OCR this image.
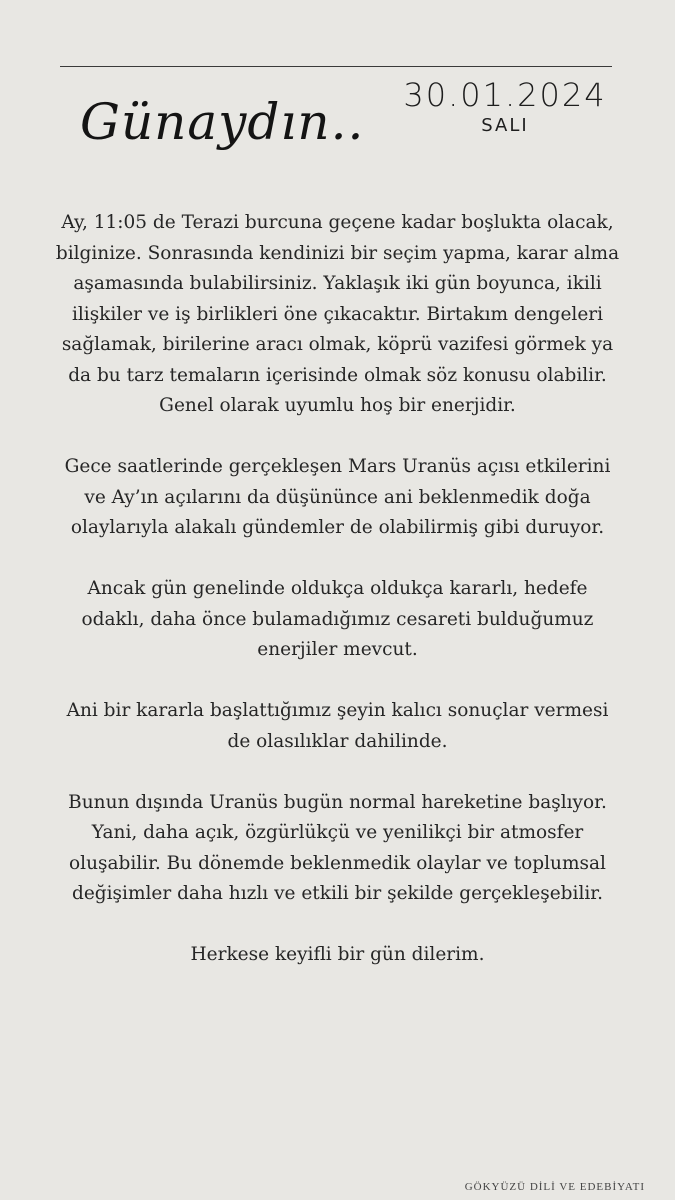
Günaydın.. 30.01.2024
SALI

Ay, 11:05 de Terazi burcuna geçene kadar boşlukta olacak, bilginize. Sonrasında kendinizi bir seçim yapma, karar alma aşamasında bulabilirsiniz. Yaklaşık iki gün boyunca, ikili ilişkiler ve iş birlikleri öne çıkacaktır. Birtakım dengeleri sağlamak, birilerine aracı olmak, köprü vazifesi görmek ya da bu tarz temaların içerisinde olmak söz konusu olabilir. Genel olarak uyumlu hoş bir enerjidir.

Gece saatlerinde gerçekleşen Mars Uranüs açısı etkilerini ve Ay’ın açılarını da düşününce ani beklenmedik doğa olaylarıyla alakalı gündemler de olabilirmiş gibi duruyor.

Ancak gün genelinde oldukça oldukça kararlı, hedefe odaklı, daha önce bulamadığımız cesareti bulduğumuz enerjiler mevcut.

Ani bir kararla başlattığımız şeyin kalıcı sonuçlar vermesi de olasılıklar dahilinde.

Bunun dışında Uranüs bugün normal hareketine başlıyor. Yani, daha açık, özgürlükçü ve yenilikçi bir atmosfer oluşabilir. Bu dönemde beklenmedik olaylar ve toplumsal değişimler daha hızlı ve etkili bir şekilde gerçekleşebilir.

Herkese keyifli bir gün dilerim.

GÖKYÜZÜ DİLİ VE EDEBİYATI
